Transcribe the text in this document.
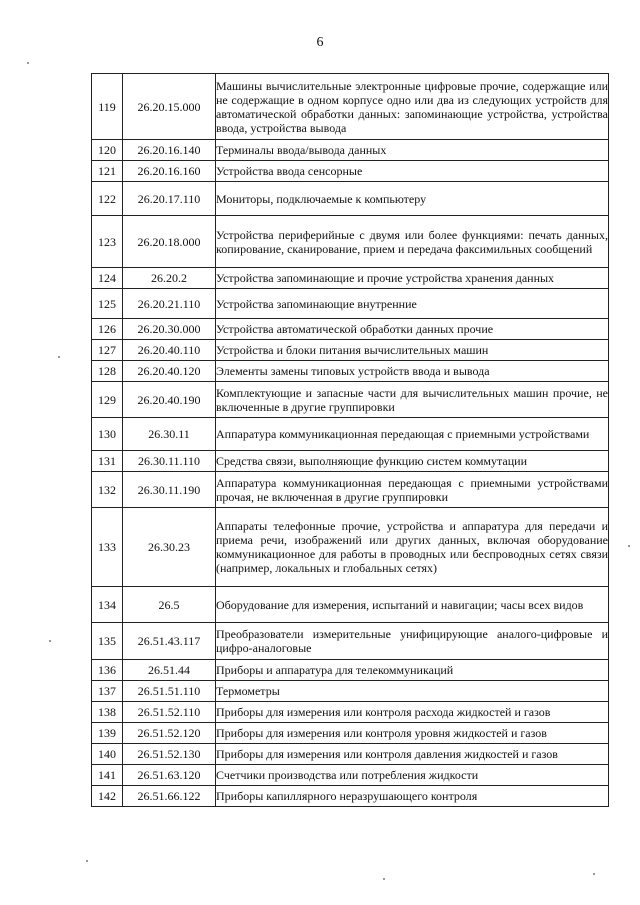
6
119	26.20.15.000	Машины вычислительные электронные цифровые прочие, содержащие или не содержащие в одном корпусе одно или два из следующих устройств для автоматической обработки данных: запоминающие устройства, устройства ввода, устройства вывода
120	26.20.16.140	Терминалы ввода/вывода данных
121	26.20.16.160	Устройства ввода сенсорные
122	26.20.17.110	Мониторы, подключаемые к компьютеру
123	26.20.18.000	Устройства периферийные с двумя или более функциями: печать данных, копирование, сканирование, прием и передача факсимильных сообщений
124	26.20.2	Устройства запоминающие и прочие устройства хранения данных
125	26.20.21.110	Устройства запоминающие внутренние
126	26.20.30.000	Устройства автоматической обработки данных прочие
127	26.20.40.110	Устройства и блоки питания вычислительных машин
128	26.20.40.120	Элементы замены типовых устройств ввода и вывода
129	26.20.40.190	Комплектующие и запасные части для вычислительных машин прочие, не включенные в другие группировки
130	26.30.11	Аппаратура коммуникационная передающая с приемными устройствами
131	26.30.11.110	Средства связи, выполняющие функцию систем коммутации
132	26.30.11.190	Аппаратура коммуникационная передающая с приемными устройствами прочая, не включенная в другие группировки
133	26.30.23	Аппараты телефонные прочие, устройства и аппаратура для передачи и приема речи, изображений или других данных, включая оборудование коммуникационное для работы в проводных или беспроводных сетях связи (например, локальных и глобальных сетях)
134	26.5	Оборудование для измерения, испытаний и навигации; часы всех видов
135	26.51.43.117	Преобразователи измерительные унифицирующие аналого-цифровые и цифро-аналоговые
136	26.51.44	Приборы и аппаратура для телекоммуникаций
137	26.51.51.110	Термометры
138	26.51.52.110	Приборы для измерения или контроля расхода жидкостей и газов
139	26.51.52.120	Приборы для измерения или контроля уровня жидкостей и газов
140	26.51.52.130	Приборы для измерения или контроля давления жидкостей и газов
141	26.51.63.120	Счетчики производства или потребления жидкости
142	26.51.66.122	Приборы капиллярного неразрушающего контроля
